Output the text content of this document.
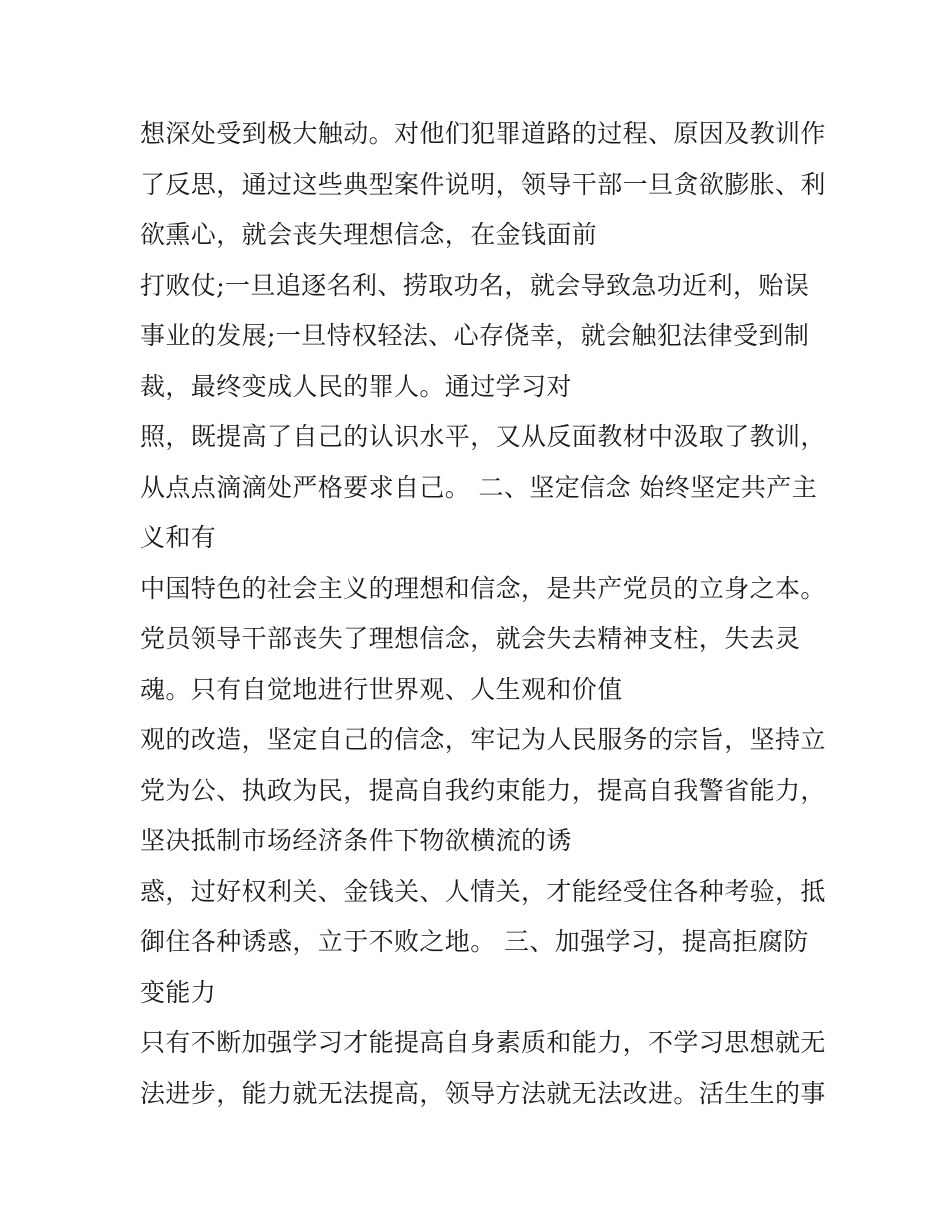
想深处受到极大触动。对他们犯罪道路的过程、原因及教训作
了反思，通过这些典型案件说明，领导干部一旦贪欲膨胀、利
欲熏心，就会丧失理想信念，在金钱面前
打败仗;一旦追逐名利、捞取功名，就会导致急功近利，贻误
事业的发展;一旦恃权轻法、心存侥幸，就会触犯法律受到制
裁，最终变成人民的罪人。通过学习对
照，既提高了自己的认识水平，又从反面教材中汲取了教训，
从点点滴滴处严格要求自己。 二、坚定信念 始终坚定共产主
义和有
中国特色的社会主义的理想和信念，是共产党员的立身之本。
党员领导干部丧失了理想信念，就会失去精神支柱，失去灵
魂。只有自觉地进行世界观、人生观和价值
观的改造，坚定自己的信念，牢记为人民服务的宗旨，坚持立
党为公、执政为民，提高自我约束能力，提高自我警省能力，
坚决抵制市场经济条件下物欲横流的诱
惑，过好权利关、金钱关、人情关，才能经受住各种考验，抵
御住各种诱惑，立于不败之地。 三、加强学习，提高拒腐防
变能力
只有不断加强学习才能提高自身素质和能力，不学习思想就无
法进步，能力就无法提高，领导方法就无法改进。活生生的事
